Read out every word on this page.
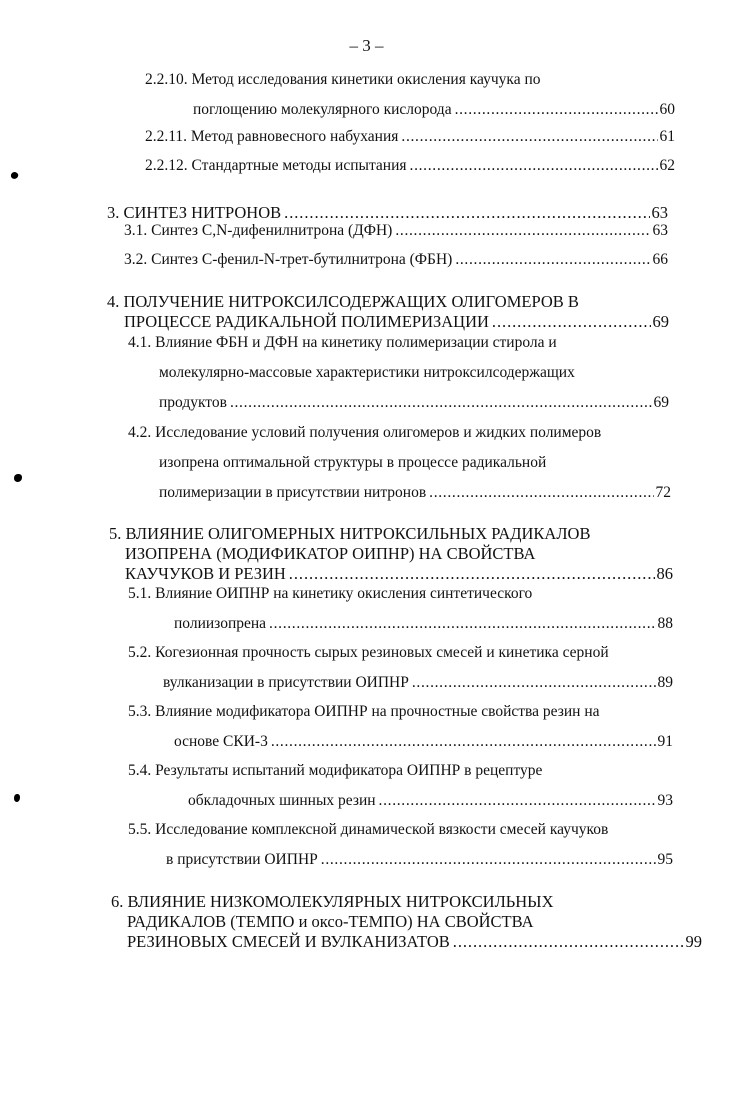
– 3 –
2.2.10. Метод исследования кинетики окисления каучука по
поглощению молекулярного кислорода . . .	60
2.2.11. Метод равновесного набухания . . .	61
2.2.12. Стандартные методы испытания . . .	62
3. СИНТЕЗ НИТРОНОВ . . .	63
3.1. Синтез C,N-дифенилнитрона (ДФН) . . .	63
3.2. Синтез C-фенил-N-трет-бутилнитрона (ФБН) . . .	66
4. ПОЛУЧЕНИЕ НИТРОКСИЛСОДЕРЖАЩИХ ОЛИГОМЕРОВ В
ПРОЦЕССЕ РАДИКАЛЬНОЙ ПОЛИМЕРИЗАЦИИ . . .	69
4.1. Влияние ФБН и ДФН на кинетику полимеризации стирола и
молекулярно-массовые характеристики нитроксилсодержащих
продуктов . . .	69
4.2. Исследование условий получения олигомеров и жидких полимеров
изопрена оптимальной структуры в процессе радикальной
полимеризации в присутствии нитронов . . .	72
5. ВЛИЯНИЕ ОЛИГОМЕРНЫХ НИТРОКСИЛЬНЫХ РАДИКАЛОВ
ИЗОПРЕНА (МОДИФИКАТОР ОИПНР) НА СВОЙСТВА
КАУЧУКОВ И РЕЗИН . . .	86
5.1. Влияние ОИПНР на кинетику окисления синтетического
полиизопрена . . .	88
5.2. Когезионная прочность сырых резиновых смесей и кинетика серной
вулканизации в присутствии ОИПНР . . .	89
5.3. Влияние модификатора ОИПНР на прочностные свойства резин на
основе СКИ-3 . . .	91
5.4. Результаты испытаний модификатора ОИПНР в рецептуре
обкладочных шинных резин . . .	93
5.5. Исследование комплексной динамической вязкости смесей каучуков
в присутствии ОИПНР . . .	95
6. ВЛИЯНИЕ НИЗКОМОЛЕКУЛЯРНЫХ НИТРОКСИЛЬНЫХ
РАДИКАЛОВ (ТЕМПО и оксо-ТЕМПО) НА СВОЙСТВА
РЕЗИНОВЫХ СМЕСЕЙ И ВУЛКАНИЗАТОВ . . .	99
